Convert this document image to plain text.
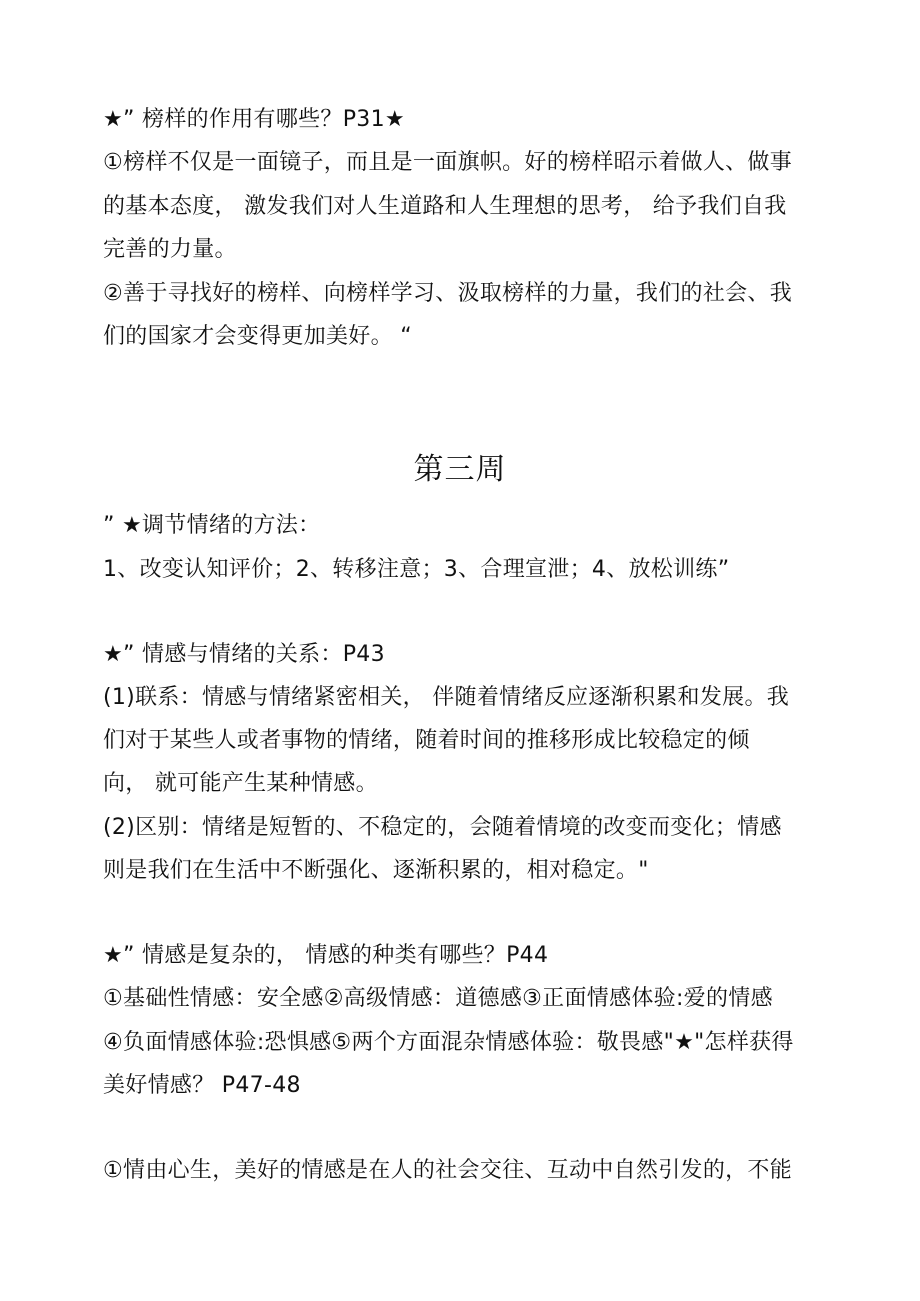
★” 榜样的作用有哪些？P31★
①榜样不仅是一面镜子，而且是一面旗帜。好的榜样昭示着做人、做事
的基本态度， 激发我们对人生道路和人生理想的思考， 给予我们自我
完善的力量。
②善于寻找好的榜样、向榜样学习、汲取榜样的力量，我们的社会、我
们的国家才会变得更加美好。 “
第三周
” ★调节情绪的方法：
1、改变认知评价；2、转移注意；3、合理宣泄；4、放松训练”
★” 情感与情绪的关系：P43
(1)联系：情感与情绪紧密相关， 伴随着情绪反应逐渐积累和发展。我
们对于某些人或者事物的情绪，随着时间的推移形成比较稳定的倾
向， 就可能产生某种情感。
(2)区别：情绪是短暂的、不稳定的，会随着情境的改变而变化；情感
则是我们在生活中不断强化、逐渐积累的，相对稳定。"
★” 情感是复杂的， 情感的种类有哪些？P44
①基础性情感：安全感②高级情感：道德感③正面情感体验:爱的情感
④负面情感体验:恐惧感⑤两个方面混杂情感体验：敬畏感"★"怎样获得
美好情感？ P47-48
①情由心生，美好的情感是在人的社会交往、互动中自然引发的，不能
